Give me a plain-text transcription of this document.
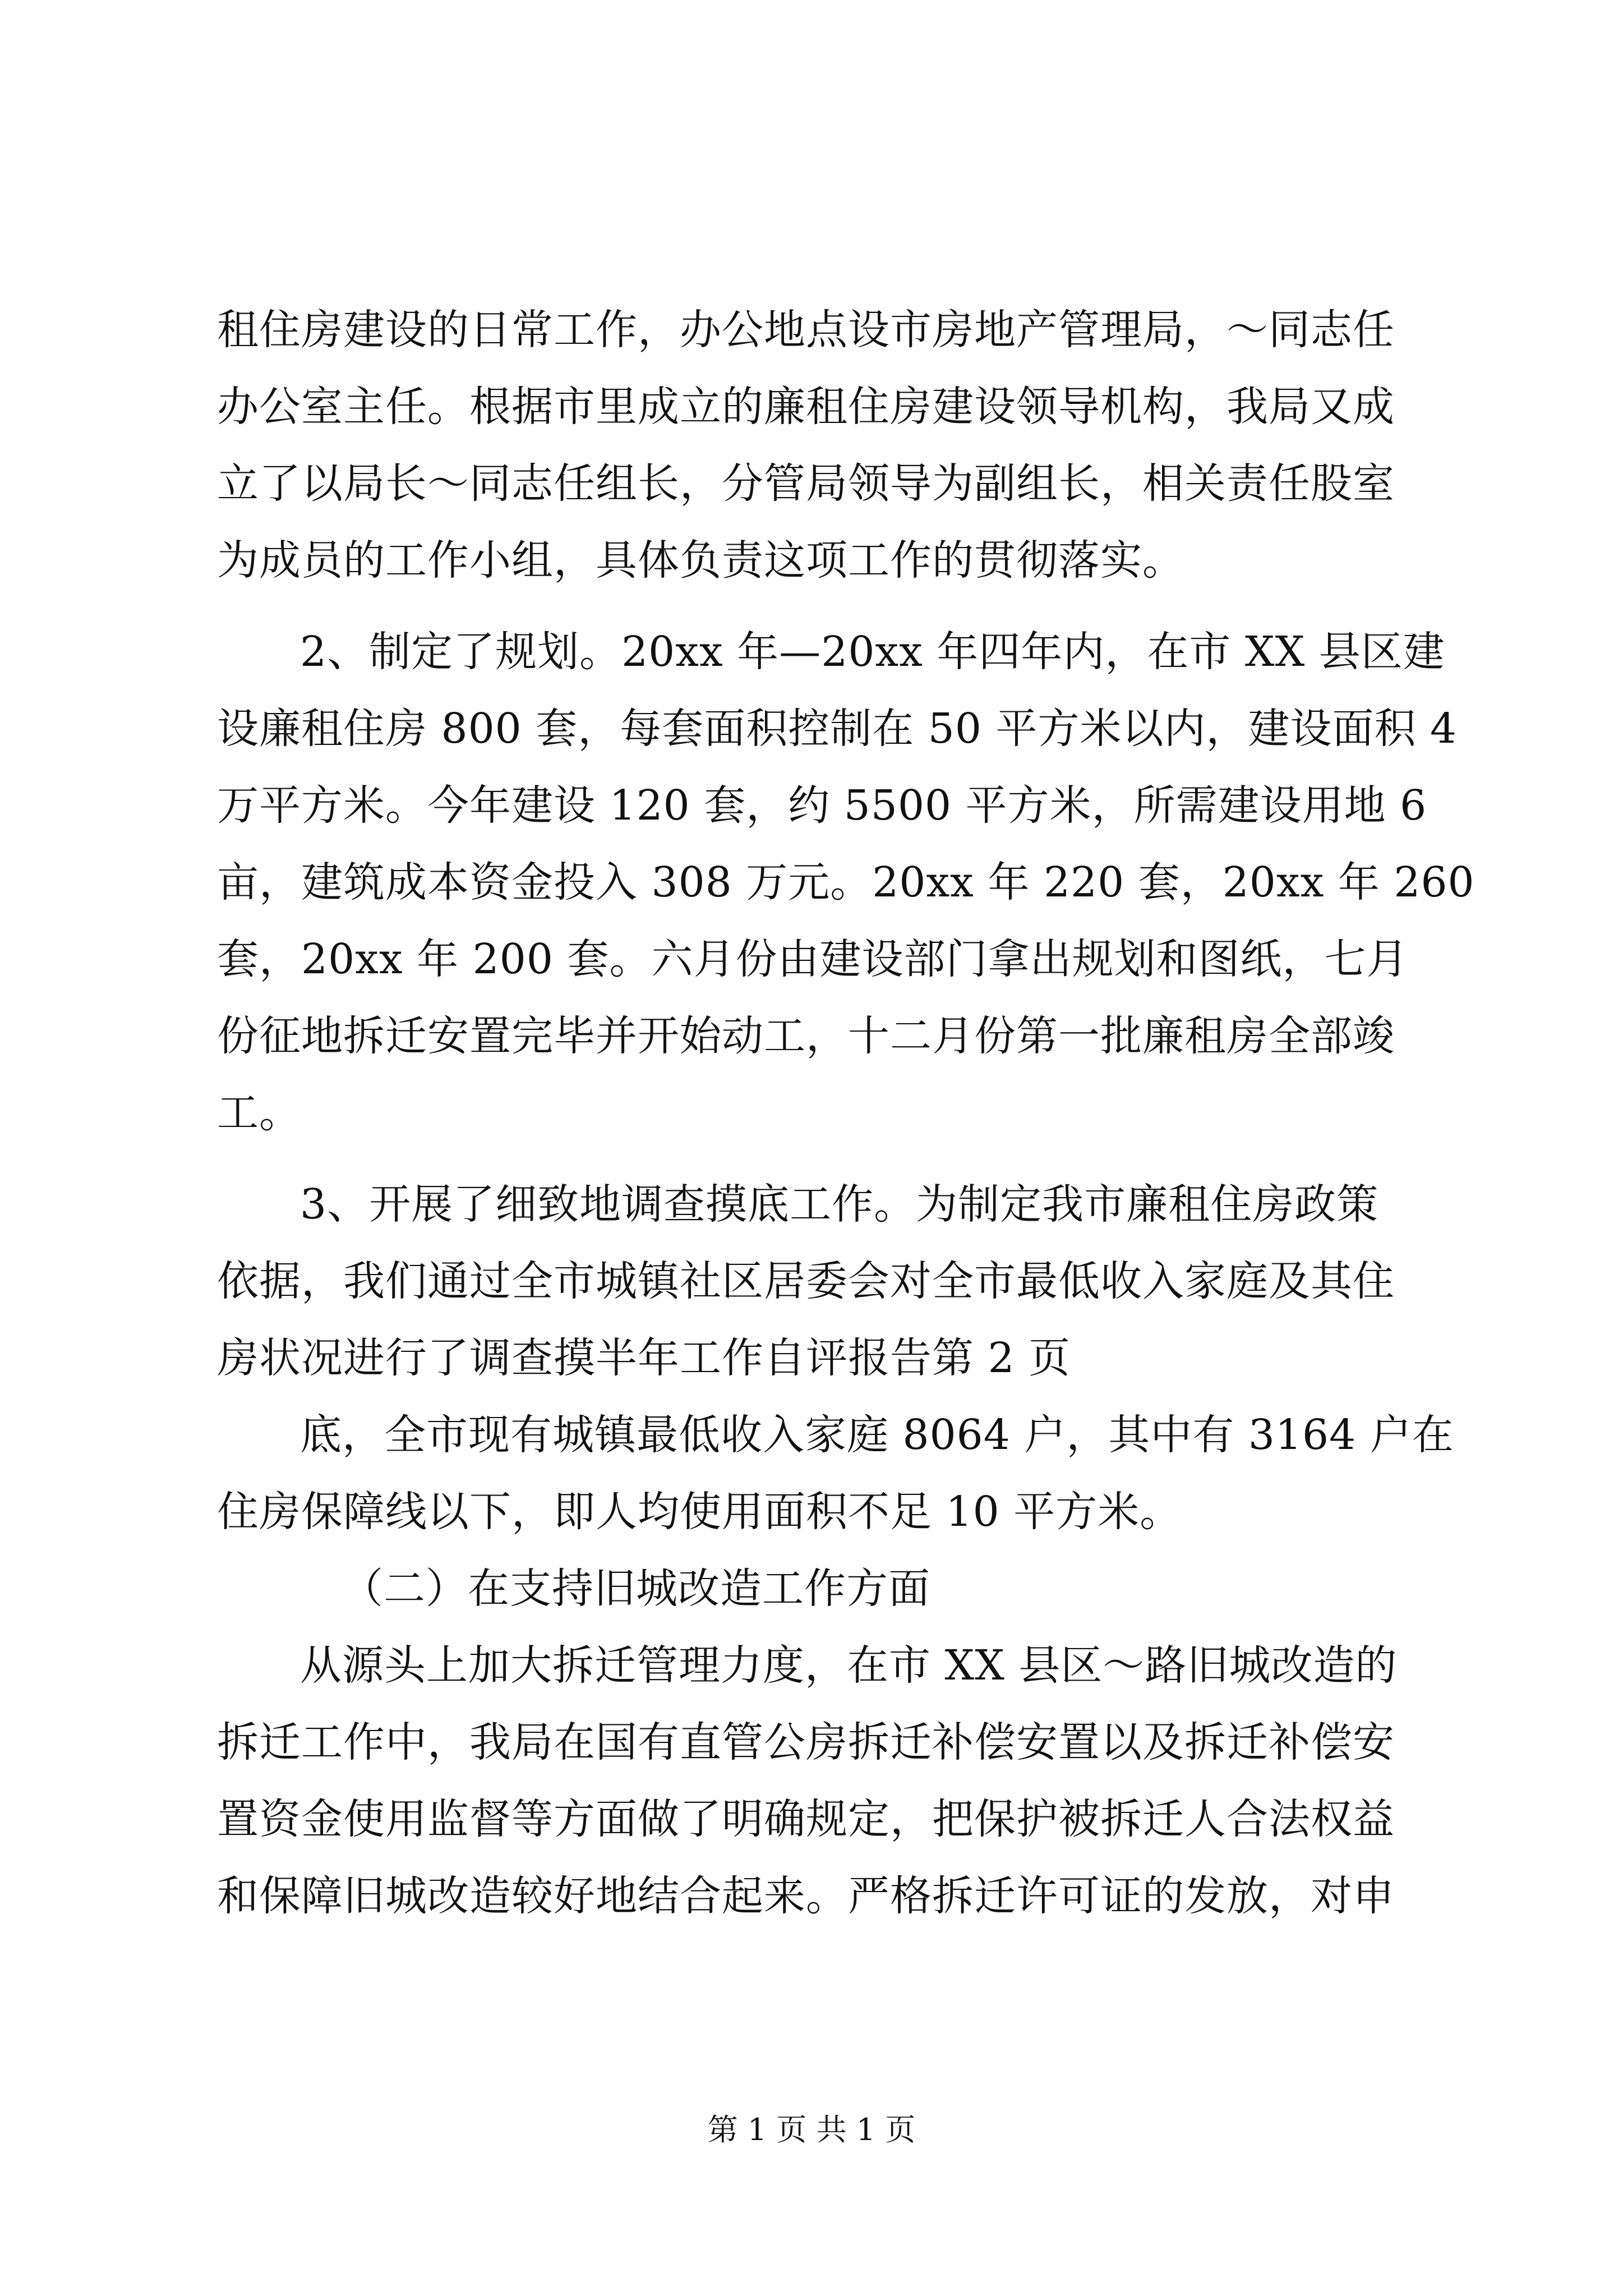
租住房建设的日常工作，办公地点设市房地产管理局，～同志任
办公室主任。根据市里成立的廉租住房建设领导机构，我局又成
立了以局长～同志任组长，分管局领导为副组长，相关责任股室
为成员的工作小组，具体负责这项工作的贯彻落实。
2、制定了规划。20xx 年—20xx 年四年内，在市 XX 县区建
设廉租住房 800 套，每套面积控制在 50 平方米以内，建设面积 4
万平方米。今年建设 120 套，约 5500 平方米，所需建设用地 6
亩，建筑成本资金投入 308 万元。20xx 年 220 套，20xx 年 260
套，20xx 年 200 套。六月份由建设部门拿出规划和图纸，七月
份征地拆迁安置完毕并开始动工，十二月份第一批廉租房全部竣
工。
3、开展了细致地调查摸底工作。为制定我市廉租住房政策
依据，我们通过全市城镇社区居委会对全市最低收入家庭及其住
房状况进行了调查摸半年工作自评报告第 2 页
底，全市现有城镇最低收入家庭 8064 户，其中有 3164 户在
住房保障线以下，即人均使用面积不足 10 平方米。
（二）在支持旧城改造工作方面
从源头上加大拆迁管理力度，在市 XX 县区～路旧城改造的
拆迁工作中，我局在国有直管公房拆迁补偿安置以及拆迁补偿安
置资金使用监督等方面做了明确规定，把保护被拆迁人合法权益
和保障旧城改造较好地结合起来。严格拆迁许可证的发放，对申
第 1 页 共 1 页
